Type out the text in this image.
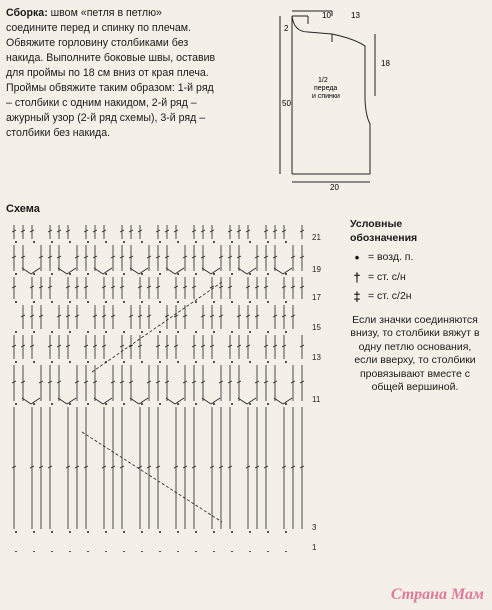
Сборка: швом «петля в петлю» соедините перед и спинку по плечам. Обвяжите горловину столбиками без накида. Выполните боковые швы, оставив для проймы по 18 см вниз от края плеча. Проймы обвяжите таким образом: 1-й ряд – столбики с одним накидом, 2-й ряд – ажурный узор (2-й ряд схемы), 3-й ряд – столбики без накида.
10	13
2
18
50
20
1/2
переда
и спинки
Схема
21
19
17
15
13
11
3
1
Условные
обозначения
• = возд. п.
† = ст. с/н
‡ = ст. с/2н
Если значки соединяются внизу, то столбики вяжут в одну петлю основания, если вверху, то столбики провязывают вместе с общей вершиной.
Страна Мам
